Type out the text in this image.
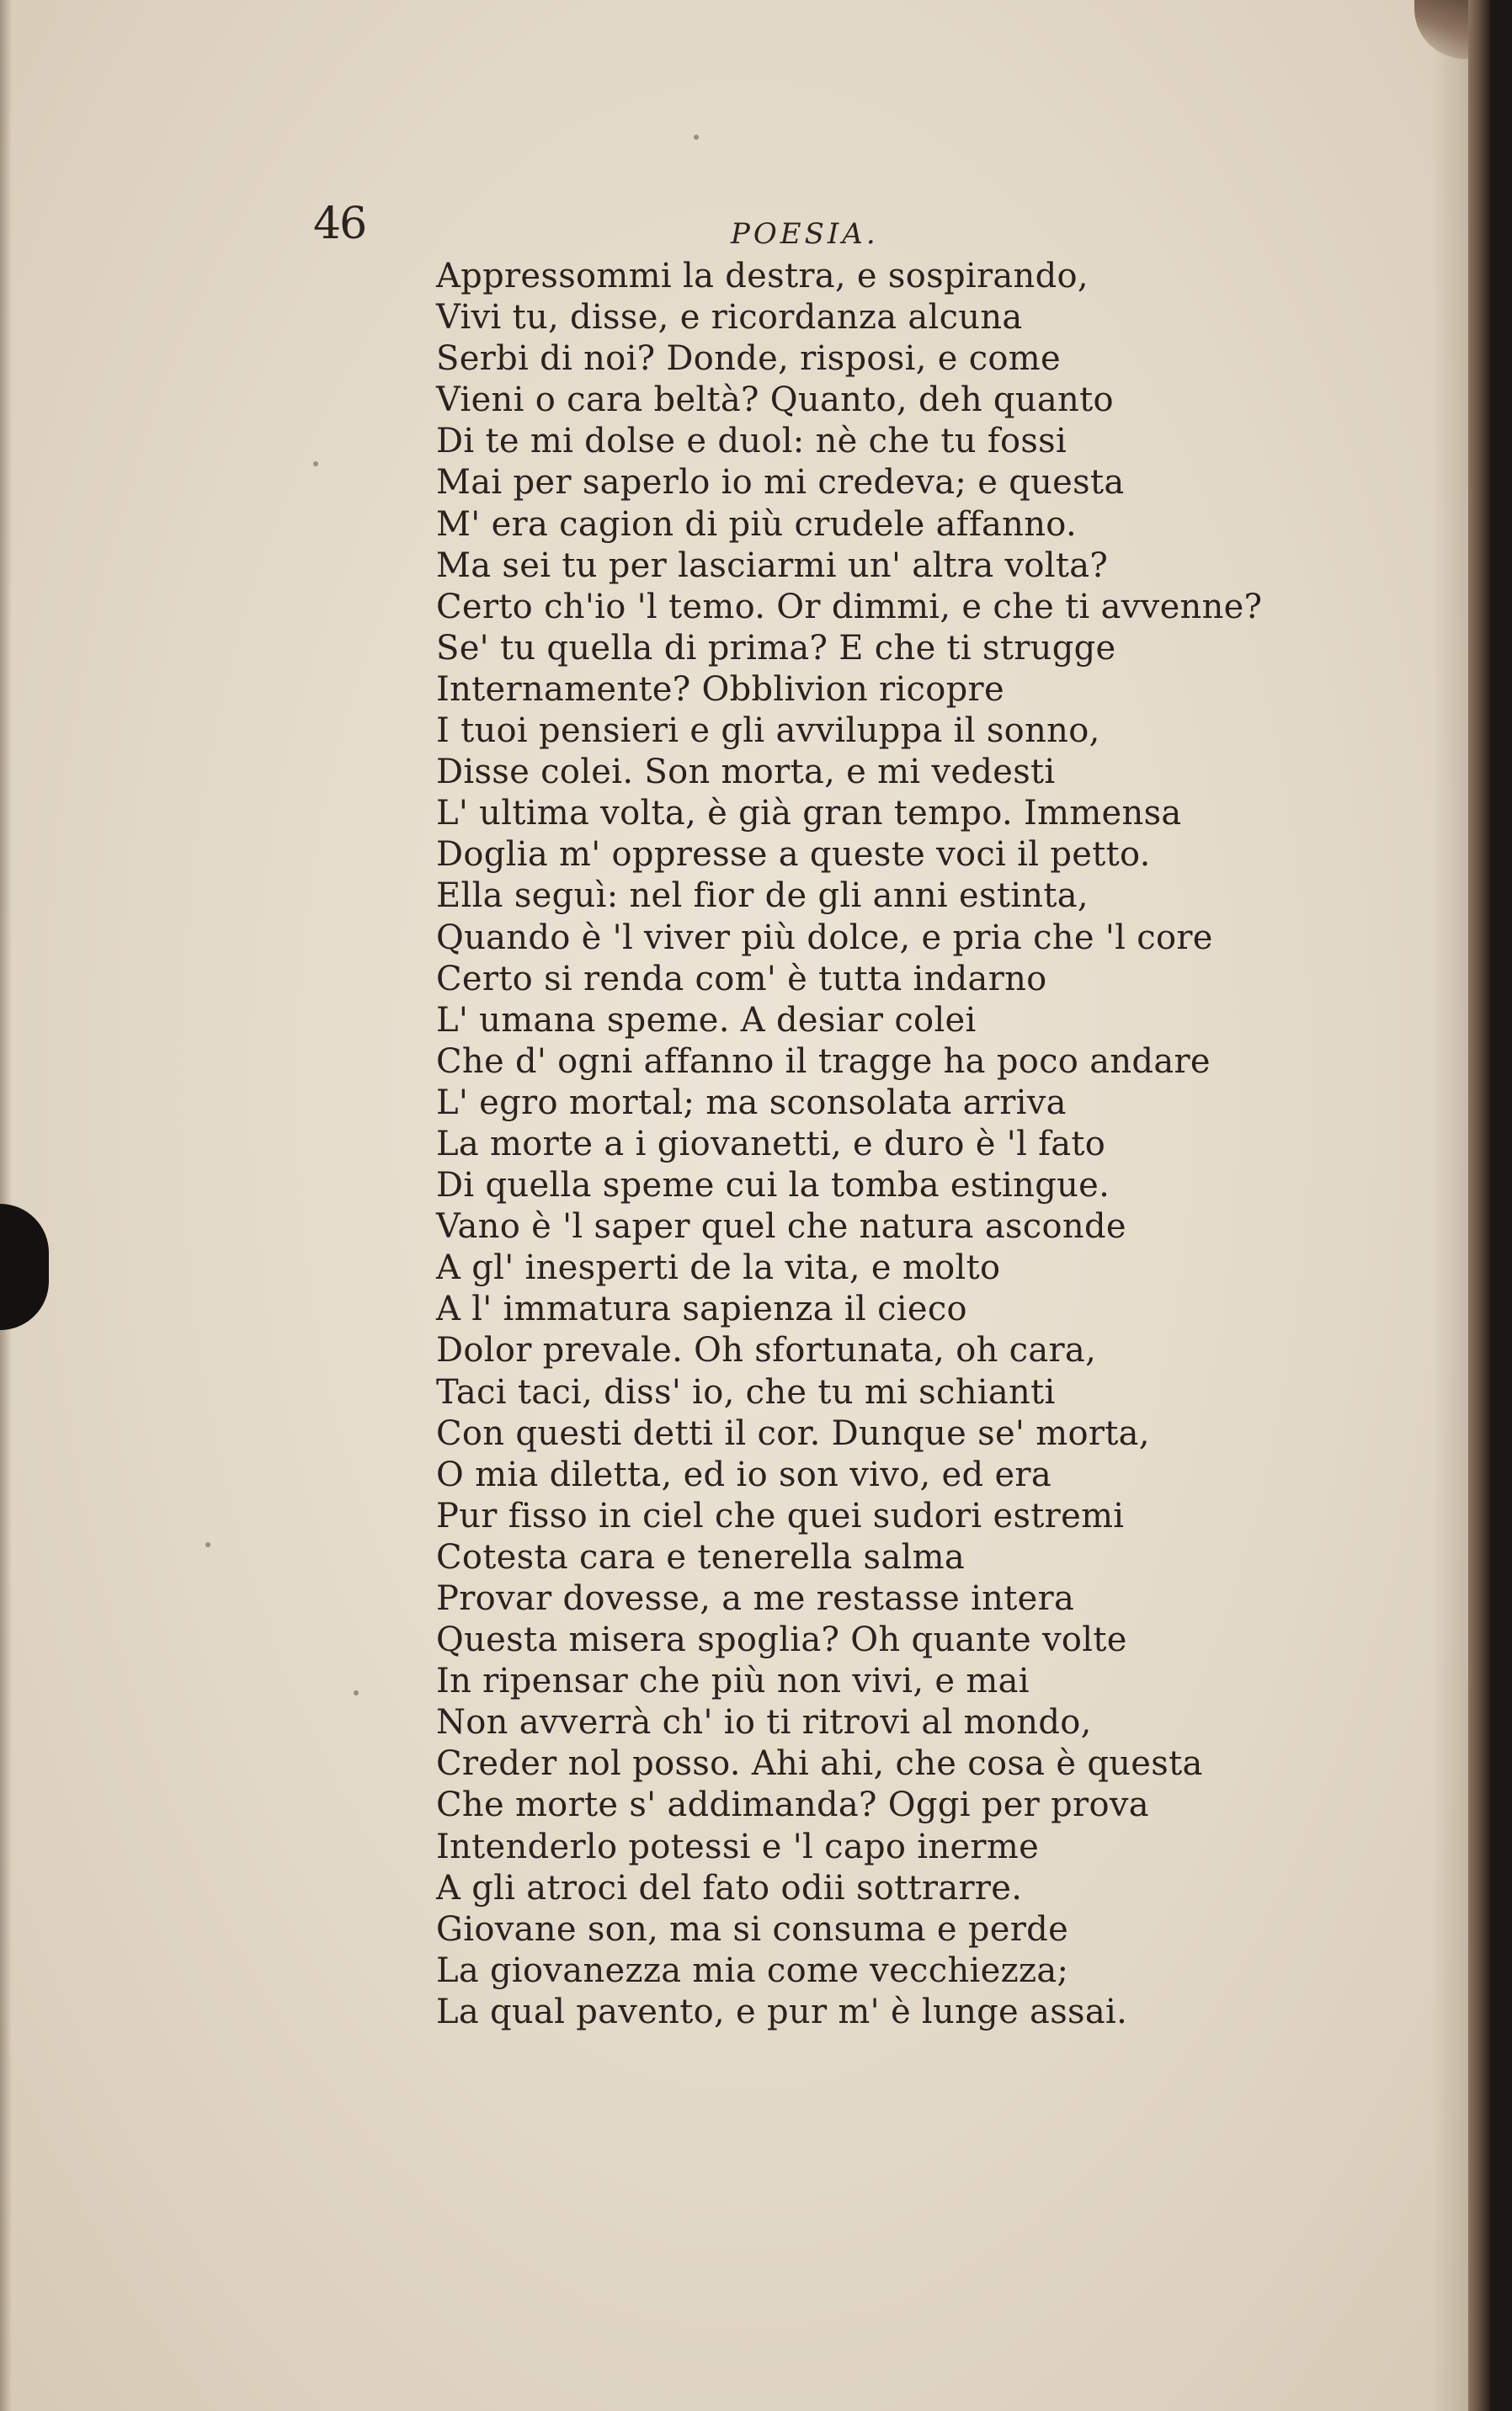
46	POESIA.
Appressommi la destra, e sospirando,
Vivi tu, disse, e ricordanza alcuna
Serbi di noi? Donde, risposi, e come
Vieni o cara beltà? Quanto, deh quanto
Di te mi dolse e duol: nè che tu fossi
Mai per saperlo io mi credeva; e questa
M' era cagion di più crudele affanno.
Ma sei tu per lasciarmi un' altra volta?
Certo ch'io 'l temo. Or dimmi, e che ti avvenne?
Se' tu quella di prima? E che ti strugge
Internamente? Obblivion ricopre
I tuoi pensieri e gli avviluppa il sonno,
Disse colei. Son morta, e mi vedesti
L' ultima volta, è già gran tempo. Immensa
Doglia m' oppresse a queste voci il petto.
Ella seguì: nel fior de gli anni estinta,
Quando è 'l viver più dolce, e pria che 'l core
Certo si renda com' è tutta indarno
L' umana speme. A desiar colei
Che d' ogni affanno il tragge ha poco andare
L' egro mortal; ma sconsolata arriva
La morte a i giovanetti, e duro è 'l fato
Di quella speme cui la tomba estingue.
Vano è 'l saper quel che natura asconde
A gl' inesperti de la vita, e molto
A l' immatura sapienza il cieco
Dolor prevale. Oh sfortunata, oh cara,
Taci taci, diss' io, che tu mi schianti
Con questi detti il cor. Dunque se' morta,
O mia diletta, ed io son vivo, ed era
Pur fisso in ciel che quei sudori estremi
Cotesta cara e tenerella salma
Provar dovesse, a me restasse intera
Questa misera spoglia? Oh quante volte
In ripensar che più non vivi, e mai
Non avverrà ch' io ti ritrovi al mondo,
Creder nol posso. Ahi ahi, che cosa è questa
Che morte s' addimanda? Oggi per prova
Intenderlo potessi e 'l capo inerme
A gli atroci del fato odii sottrarre.
Giovane son, ma si consuma e perde
La giovanezza mia come vecchiezza;
La qual pavento, e pur m' è lunge assai.
